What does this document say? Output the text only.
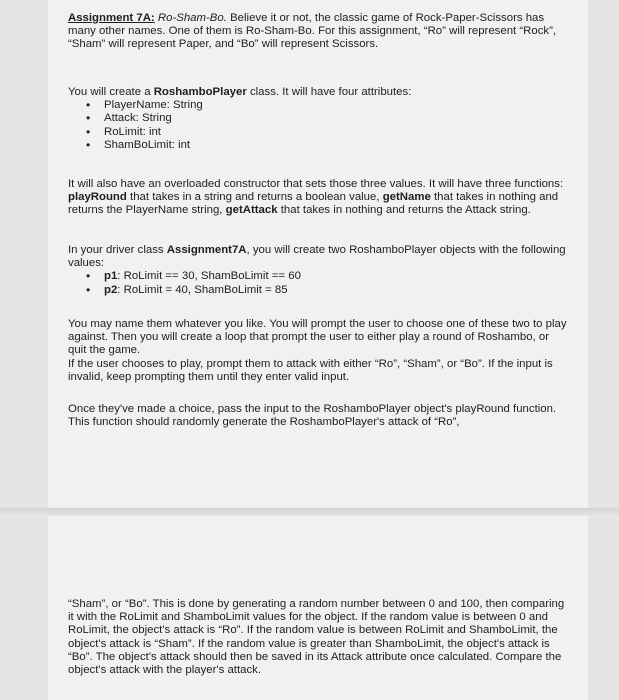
Assignment 7A: Ro-Sham-Bo. Believe it or not, the classic game of Rock-Paper-Scissors has many other names. One of them is Ro-Sham-Bo. For this assignment, “Ro” will represent “Rock”, “Sham” will represent Paper, and “Bo” will represent Scissors.

You will create a RoshamboPlayer class. It will have four attributes:

• PlayerName: String
• Attack: String
• RoLimit: int
• ShamBoLimit: int

It will also have an overloaded constructor that sets those three values. It will have three functions: playRound that takes in a string and returns a boolean value, getName that takes in nothing and returns the PlayerName string, getAttack that takes in nothing and returns the Attack string.

In your driver class Assignment7A, you will create two RoshamboPlayer objects with the following values:

• p1: RoLimit == 30, ShamBoLimit == 60
• p2: RoLimit = 40, ShamBoLimit = 85

You may name them whatever you like. You will prompt the user to choose one of these two to play against. Then you will create a loop that prompt the user to either play a round of Roshambo, or quit the game.

If the user chooses to play, prompt them to attack with either “Ro”, “Sham”, or “Bo”. If the input is invalid, keep prompting them until they enter valid input.

Once they've made a choice, pass the input to the RoshamboPlayer object's playRound function. This function should randomly generate the RoshamboPlayer's attack of “Ro”,

“Sham”, or “Bo”. This is done by generating a random number between 0 and 100, then comparing it with the RoLimit and ShamboLimit values for the object. If the random value is between 0 and RoLimit, the object's attack is “Ro”. If the random value is between RoLimit and ShamboLimit, the object's attack is “Sham”. If the random value is greater than ShamboLimit, the object's attack is “Bo”. The object's attack should then be saved in its Attack attribute once calculated. Compare the object's attack with the player's attack.
